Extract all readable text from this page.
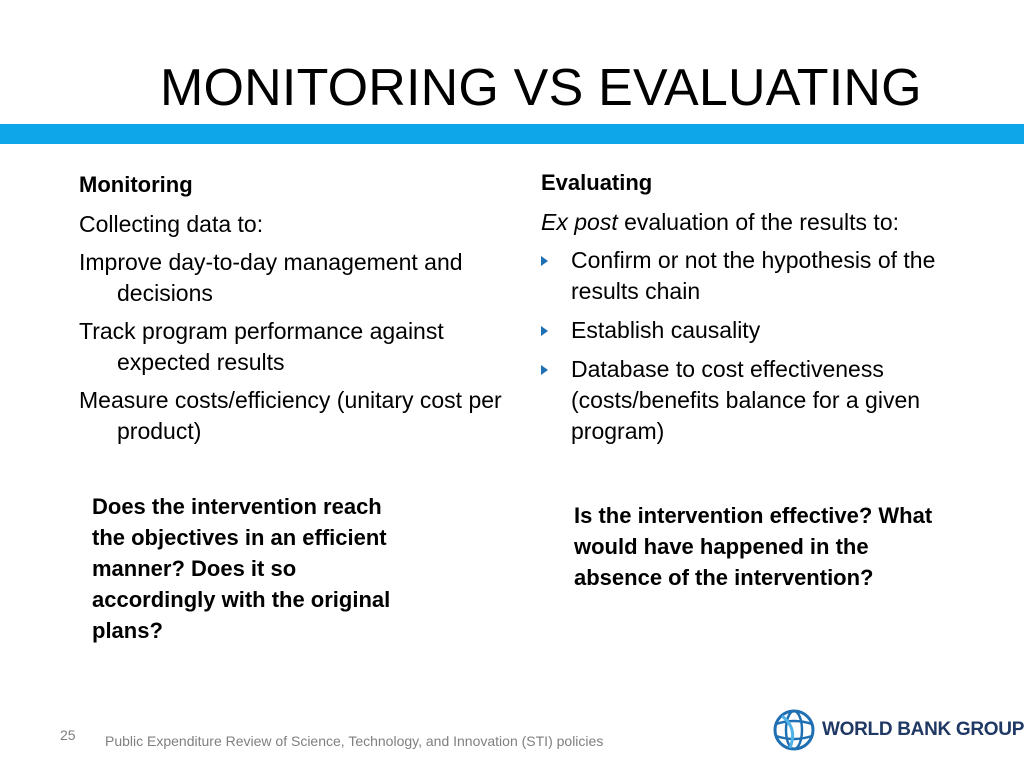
MONITORING VS EVALUATING
Monitoring
Collecting data to:
Improve day-to-day management and decisions
Track program performance against expected results
Measure costs/efficiency (unitary cost per product)
Evaluating
Ex post evaluation of the results to:
Confirm or not the hypothesis of the results chain
Establish causality
Database to cost effectiveness (costs/benefits balance for a given program)
Does the intervention reach the objectives in an efficient manner? Does it so accordingly with the original plans?
Is the intervention effective? What would have happened in the absence of the intervention?
25 Public Expenditure Review of Science, Technology, and Innovation (STI) policies
WORLD BANK GROUP
